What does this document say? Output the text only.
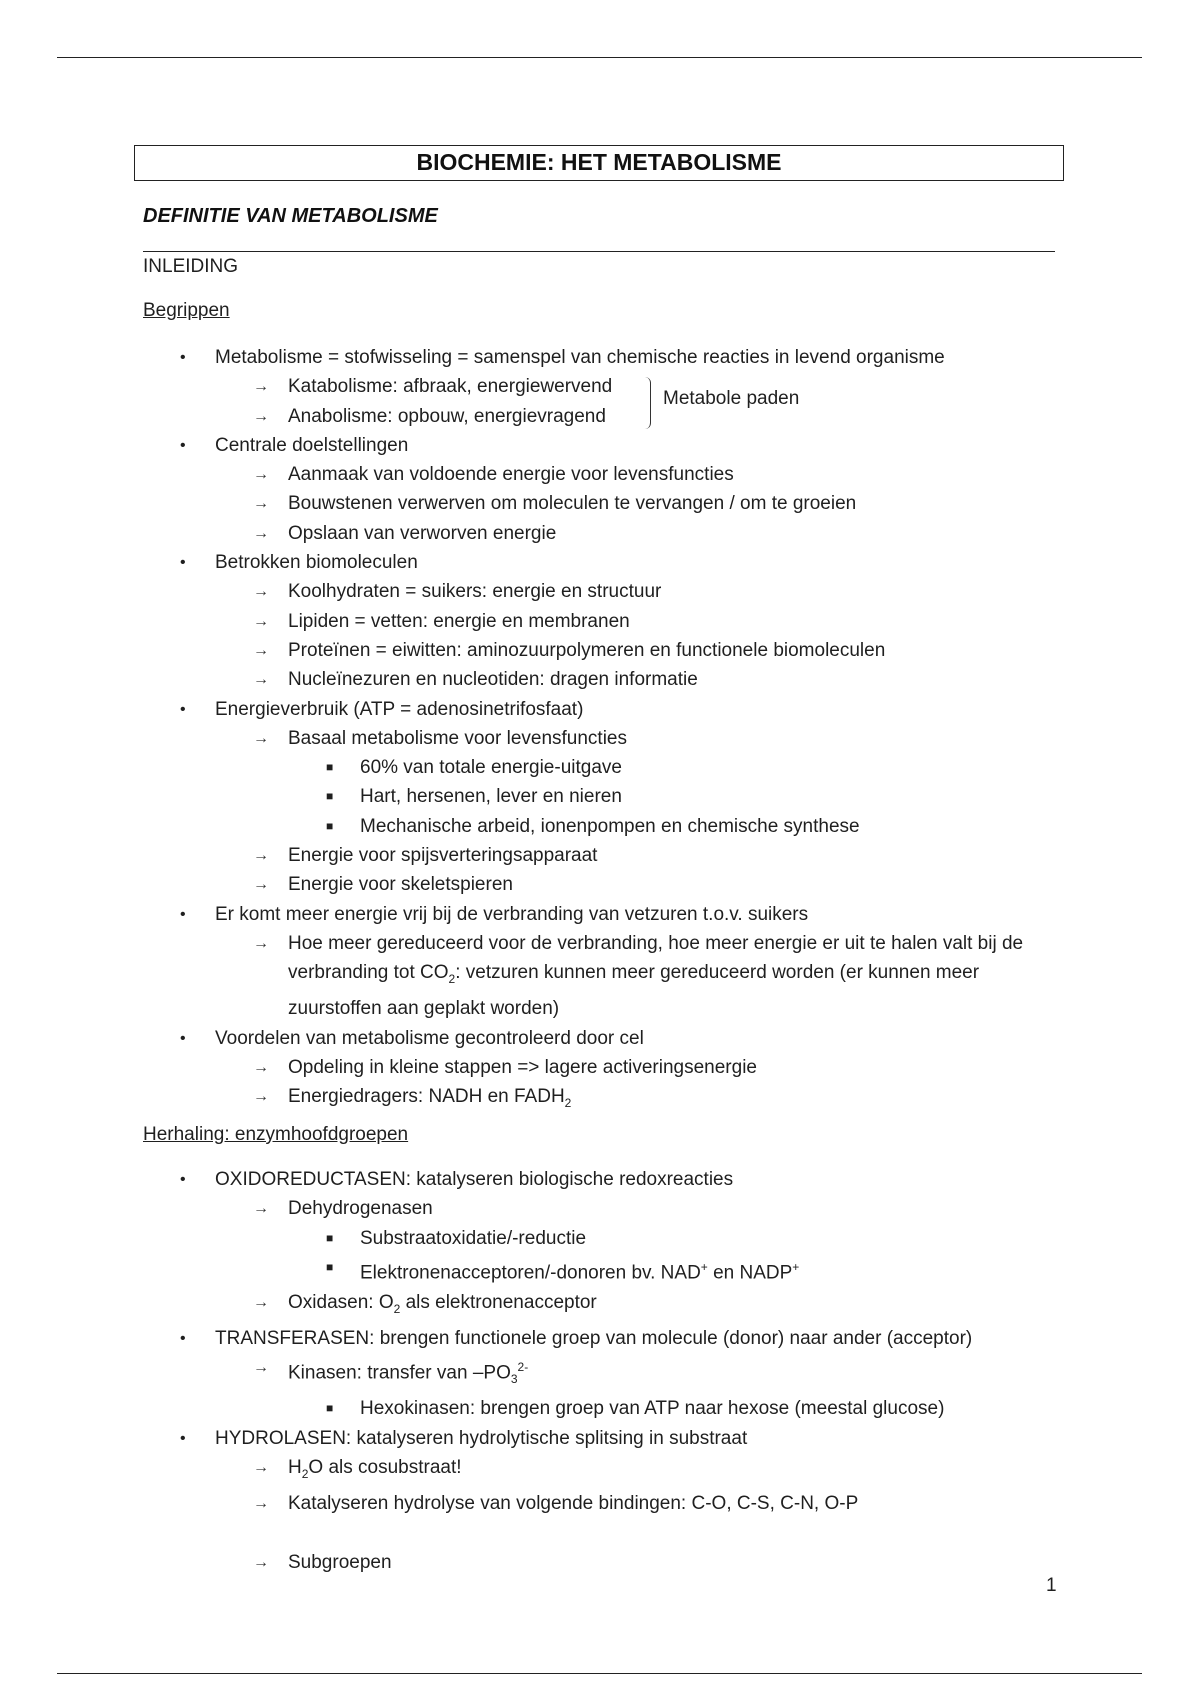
BIOCHEMIE: HET METABOLISME
DEFINITIE VAN METABOLISME
INLEIDING
Begrippen
• Metabolisme = stofwisseling = samenspel van chemische reacties in levend organisme
→ Katabolisme: afbraak, energiewervend
→ Anabolisme: opbouw, energievragend
• Centrale doelstellingen
→ Aanmaak van voldoende energie voor levensfuncties
→ Bouwstenen verwerven om moleculen te vervangen / om te groeien
→ Opslaan van verworven energie
• Betrokken biomoleculen
→ Koolhydraten = suikers: energie en structuur
→ Lipiden = vetten: energie en membranen
→ Proteïnen = eiwitten: aminozuurpolymeren en functionele biomoleculen
→ Nucleïnezuren en nucleotiden: dragen informatie
• Energieverbruik (ATP = adenosinetrifosfaat)
→ Basaal metabolisme voor levensfuncties
■ 60% van totale energie-uitgave
■ Hart, hersenen, lever en nieren
■ Mechanische arbeid, ionenpompen en chemische synthese
→ Energie voor spijsverteringsapparaat
→ Energie voor skeletspieren
• Er komt meer energie vrij bij de verbranding van vetzuren t.o.v. suikers
→ Hoe meer gereduceerd voor de verbranding, hoe meer energie er uit te halen valt bij de verbranding tot $CO_2$: vetzuren kunnen meer gereduceerd worden (er kunnen meer zuurstoffen aan geplakt worden)
• Voordelen van metabolisme gecontroleerd door cel
→ Opdeling in kleine stappen => lagere activeringsenergie
→ Energiedragers: NADH en $FADH_2$
Metabole paden
Herhaling: enzymhoofdgroepen
• OXIDOREDUCTASEN: katalyseren biologische redoxreacties
→ Dehydrogenasen
■ Substraatoxidatie/-reductie
■ Elektronenacceptoren/-donoren bv. NAD+ en NADP+
→ Oxidasen: $O_2$ als elektronenacceptor
• TRANSFERASEN: brengen functionele groep van molecule (donor) naar ander (acceptor)
→ Kinasen: transfer van $-PO_3^{2-}$
■ Hexokinasen: brengen groep van ATP naar hexose (meestal glucose)
• HYDROLASEN: katalyseren hydrolytische splitsing in substraat
→ $H_2O$ als cosubstraat!
→ Katalyseren hydrolyse van volgende bindingen: C-O, C-S, C-N, O-P
→ Subgroepen
1
